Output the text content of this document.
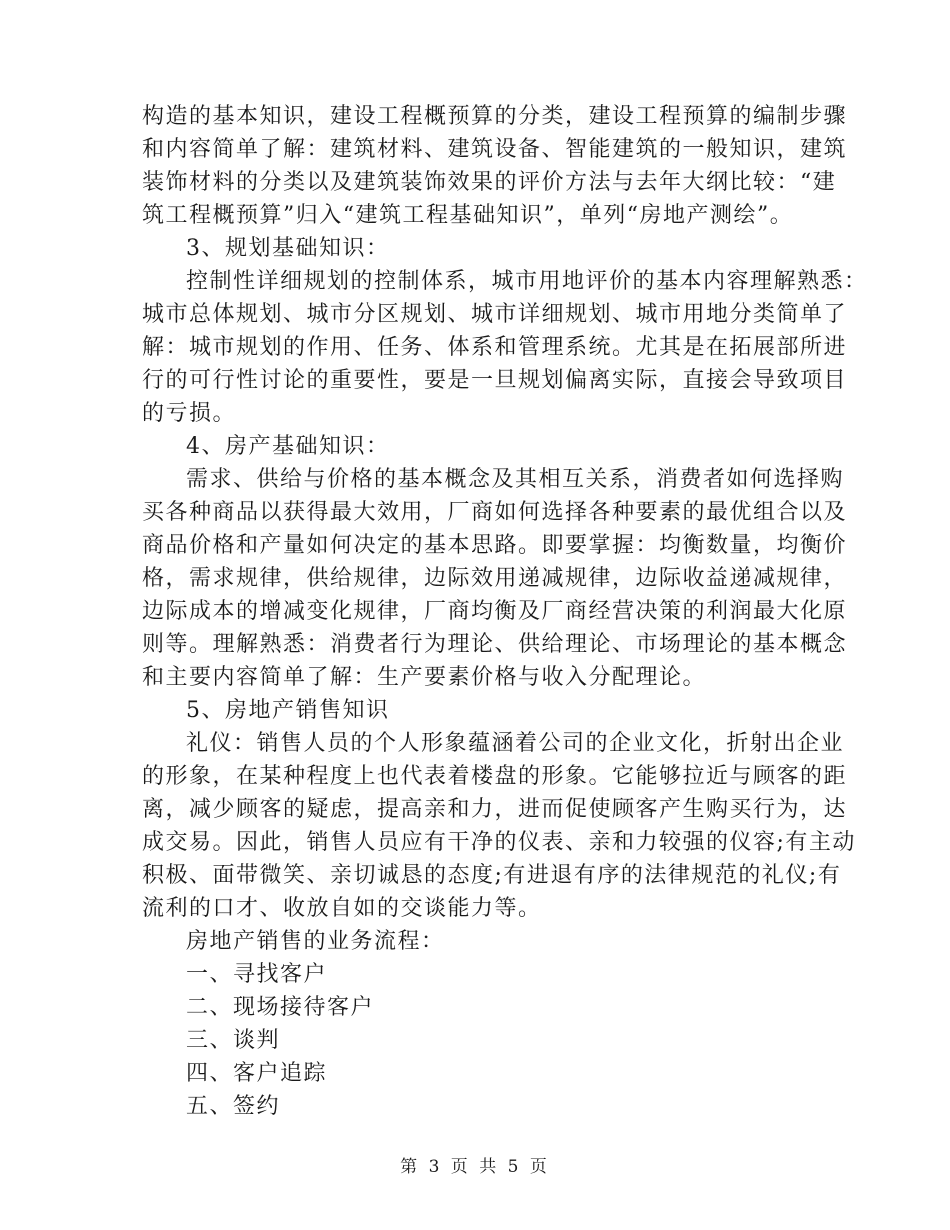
构造的基本知识，建设工程概预算的分类，建设工程预算的编制步骤
和内容简单了解：建筑材料、建筑设备、智能建筑的一般知识，建筑
装饰材料的分类以及建筑装饰效果的评价方法与去年大纲比较：“建
筑工程概预算”归入“建筑工程基础知识”，单列“房地产测绘”。
3、规划基础知识：
控制性详细规划的控制体系，城市用地评价的基本内容理解熟悉：
城市总体规划、城市分区规划、城市详细规划、城市用地分类简单了
解：城市规划的作用、任务、体系和管理系统。尤其是在拓展部所进
行的可行性讨论的重要性，要是一旦规划偏离实际，直接会导致项目
的亏损。
4、房产基础知识：
需求、供给与价格的基本概念及其相互关系，消费者如何选择购
买各种商品以获得最大效用，厂商如何选择各种要素的最优组合以及
商品价格和产量如何决定的基本思路。即要掌握：均衡数量，均衡价
格，需求规律，供给规律，边际效用递减规律，边际收益递减规律，
边际成本的增减变化规律，厂商均衡及厂商经营决策的利润最大化原
则等。理解熟悉：消费者行为理论、供给理论、市场理论的基本概念
和主要内容简单了解：生产要素价格与收入分配理论。
5、房地产销售知识
礼仪：销售人员的个人形象蕴涵着公司的企业文化，折射出企业
的形象，在某种程度上也代表着楼盘的形象。它能够拉近与顾客的距
离，减少顾客的疑虑，提高亲和力，进而促使顾客产生购买行为，达
成交易。因此，销售人员应有干净的仪表、亲和力较强的仪容;有主动
积极、面带微笑、亲切诚恳的态度;有进退有序的法律规范的礼仪;有
流利的口才、收放自如的交谈能力等。
房地产销售的业务流程：
一、寻找客户
二、现场接待客户
三、谈判
四、客户追踪
五、签约
第 3 页 共 5 页
